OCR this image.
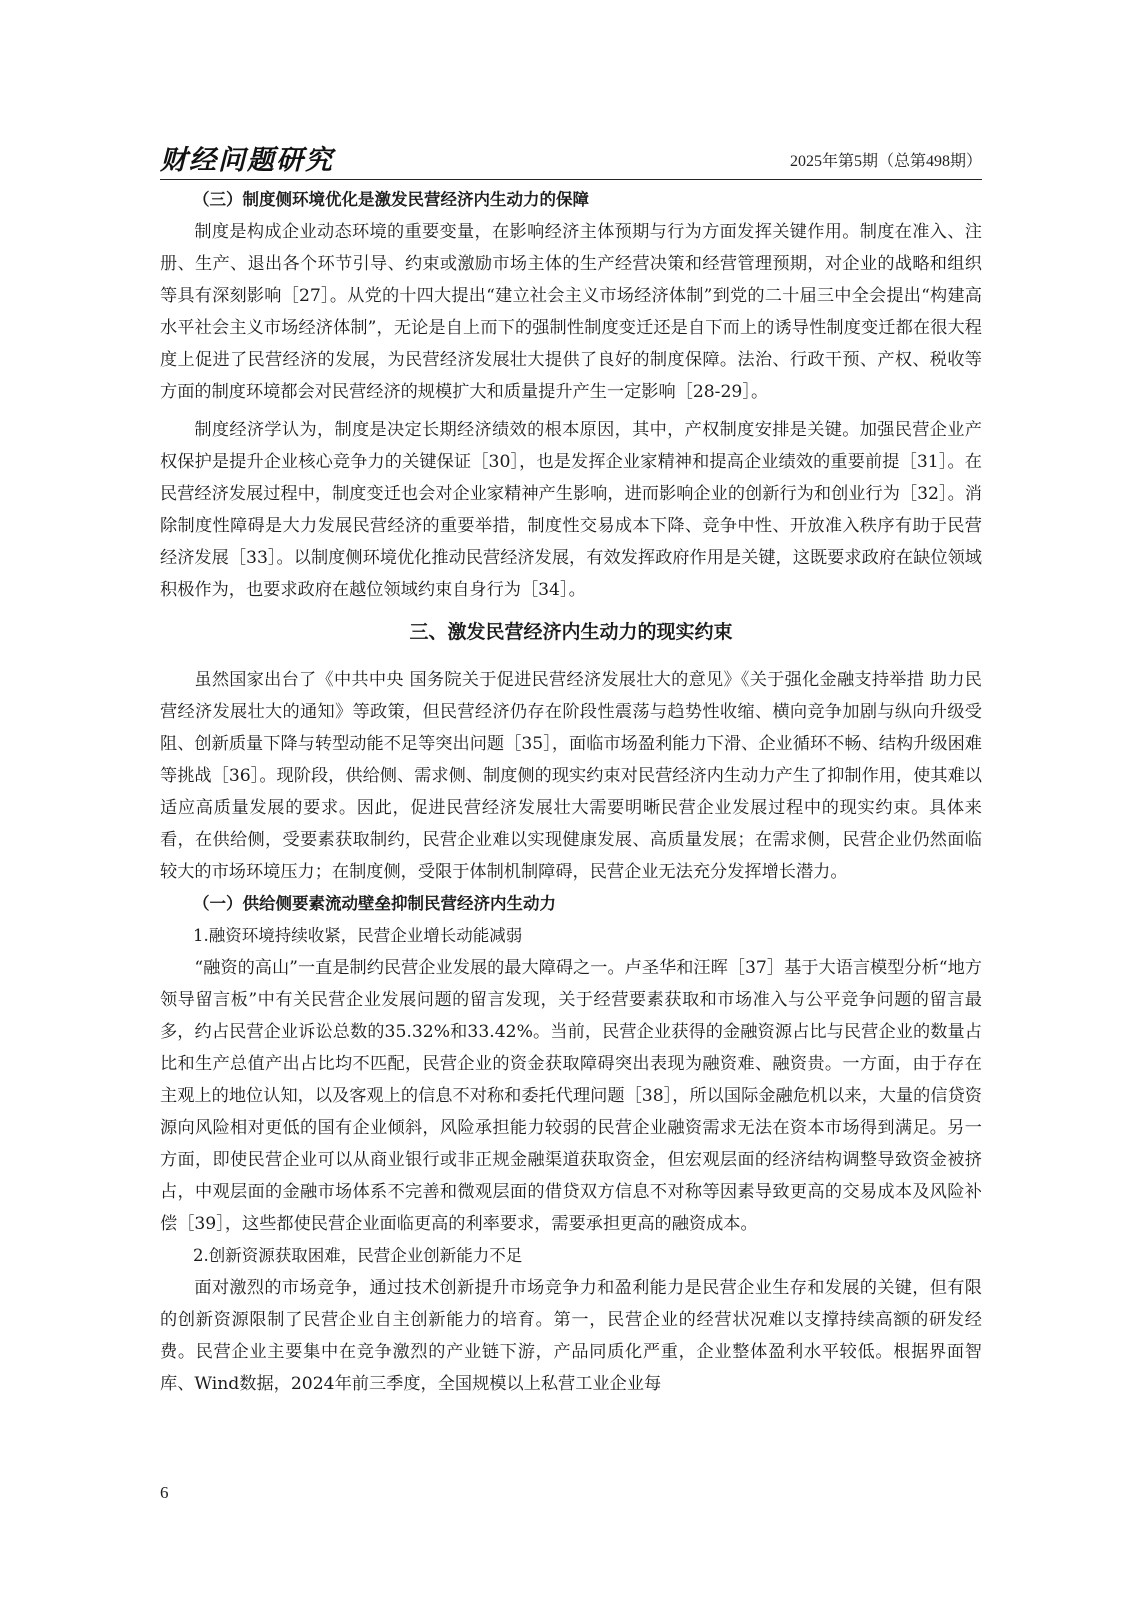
财经问题研究	2025年第5期（总第498期）

（三）制度侧环境优化是激发民营经济内生动力的保障

制度是构成企业动态环境的重要变量，在影响经济主体预期与行为方面发挥关键作用。制度在准入、注册、生产、退出各个环节引导、约束或激励市场主体的生产经营决策和经营管理预期，对企业的战略和组织等具有深刻影响［27］。从党的十四大提出“建立社会主义市场经济体制”到党的二十届三中全会提出“构建高水平社会主义市场经济体制”，无论是自上而下的强制性制度变迁还是自下而上的诱导性制度变迁都在很大程度上促进了民营经济的发展，为民营经济发展壮大提供了良好的制度保障。法治、行政干预、产权、税收等方面的制度环境都会对民营经济的规模扩大和质量提升产生一定影响［28-29］。

制度经济学认为，制度是决定长期经济绩效的根本原因，其中，产权制度安排是关键。加强民营企业产权保护是提升企业核心竞争力的关键保证［30］，也是发挥企业家精神和提高企业绩效的重要前提［31］。在民营经济发展过程中，制度变迁也会对企业家精神产生影响，进而影响企业的创新行为和创业行为［32］。消除制度性障碍是大力发展民营经济的重要举措，制度性交易成本下降、竞争中性、开放准入秩序有助于民营经济发展［33］。以制度侧环境优化推动民营经济发展，有效发挥政府作用是关键，这既要求政府在缺位领域积极作为，也要求政府在越位领域约束自身行为［34］。

三、激发民营经济内生动力的现实约束

虽然国家出台了《中共中央 国务院关于促进民营经济发展壮大的意见》《关于强化金融支持举措 助力民营经济发展壮大的通知》等政策，但民营经济仍存在阶段性震荡与趋势性收缩、横向竞争加剧与纵向升级受阻、创新质量下降与转型动能不足等突出问题［35］，面临市场盈利能力下滑、企业循环不畅、结构升级困难等挑战［36］。现阶段，供给侧、需求侧、制度侧的现实约束对民营经济内生动力产生了抑制作用，使其难以适应高质量发展的要求。因此，促进民营经济发展壮大需要明晰民营企业发展过程中的现实约束。具体来看，在供给侧，受要素获取制约，民营企业难以实现健康发展、高质量发展；在需求侧，民营企业仍然面临较大的市场环境压力；在制度侧，受限于体制机制障碍，民营企业无法充分发挥增长潜力。

（一）供给侧要素流动壁垒抑制民营经济内生动力

1.融资环境持续收紧，民营企业增长动能减弱

“融资的高山”一直是制约民营企业发展的最大障碍之一。卢圣华和汪晖［37］基于大语言模型分析“地方领导留言板”中有关民营企业发展问题的留言发现，关于经营要素获取和市场准入与公平竞争问题的留言最多，约占民营企业诉讼总数的35.32%和33.42%。当前，民营企业获得的金融资源占比与民营企业的数量占比和生产总值产出占比均不匹配，民营企业的资金获取障碍突出表现为融资难、融资贵。一方面，由于存在主观上的地位认知，以及客观上的信息不对称和委托代理问题［38］，所以国际金融危机以来，大量的信贷资源向风险相对更低的国有企业倾斜，风险承担能力较弱的民营企业融资需求无法在资本市场得到满足。另一方面，即使民营企业可以从商业银行或非正规金融渠道获取资金，但宏观层面的经济结构调整导致资金被挤占，中观层面的金融市场体系不完善和微观层面的借贷双方信息不对称等因素导致更高的交易成本及风险补偿［39］，这些都使民营企业面临更高的利率要求，需要承担更高的融资成本。

2.创新资源获取困难，民营企业创新能力不足

面对激烈的市场竞争，通过技术创新提升市场竞争力和盈利能力是民营企业生存和发展的关键，但有限的创新资源限制了民营企业自主创新能力的培育。第一，民营企业的经营状况难以支撑持续高额的研发经费。民营企业主要集中在竞争激烈的产业链下游，产品同质化严重，企业整体盈利水平较低。根据界面智库、Wind数据，2024年前三季度，全国规模以上私营工业企业每

6
